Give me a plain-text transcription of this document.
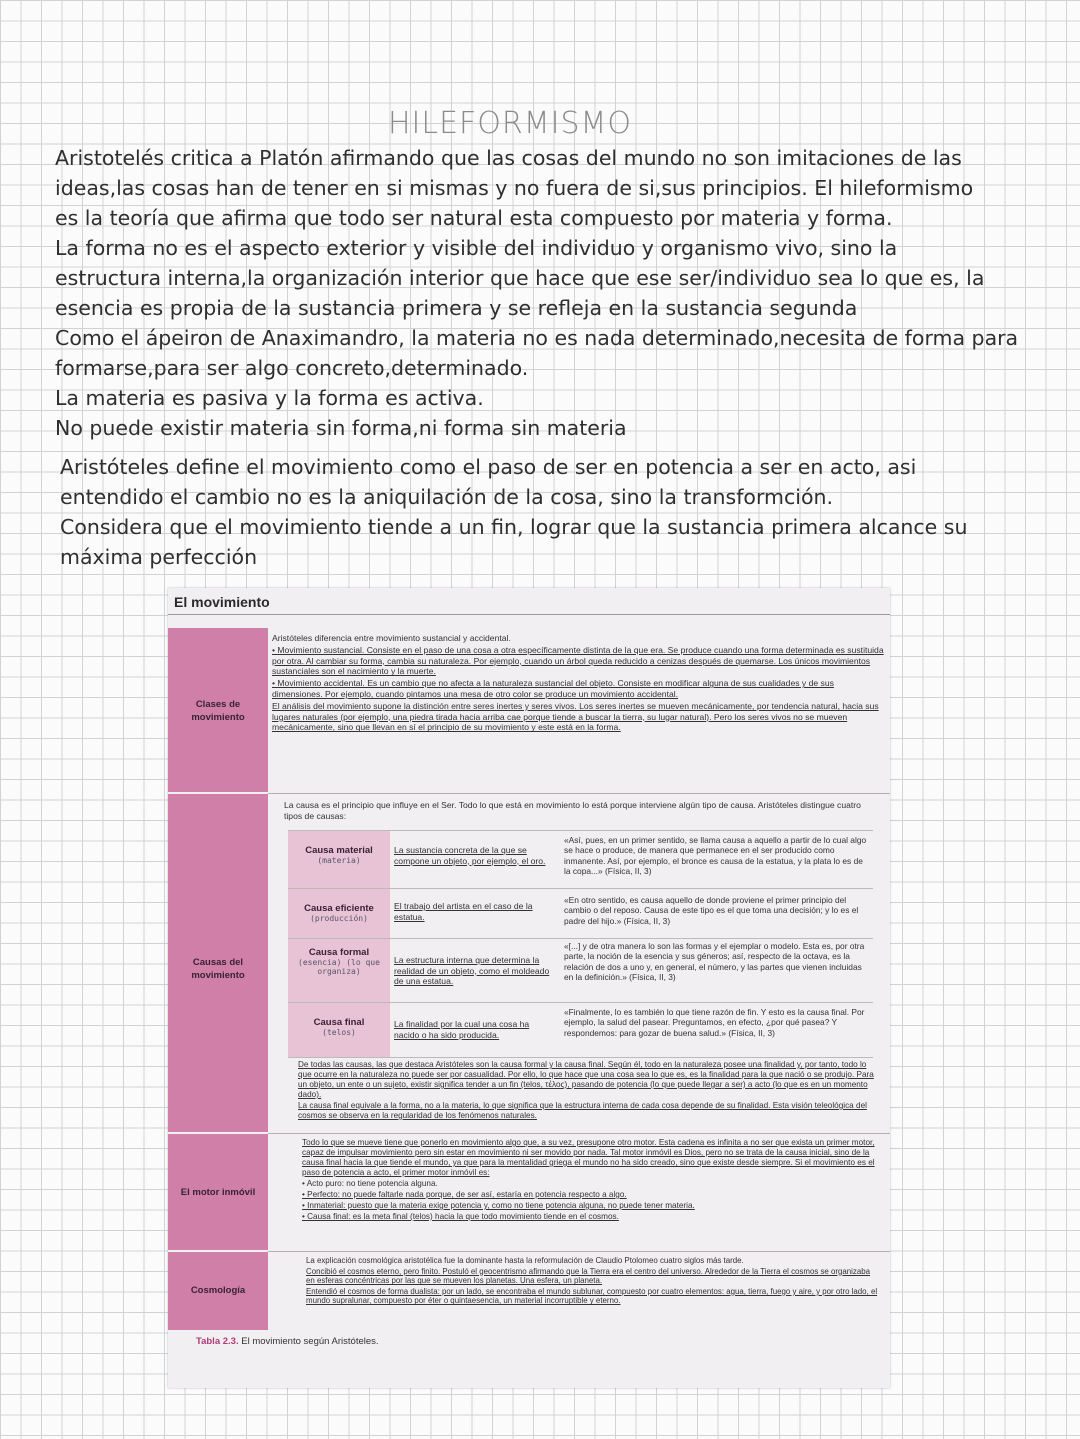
HILEFORMISMO

Aristotelés critica a Platón afirmando que las cosas del mundo no son imitaciones de las

ideas,las cosas han de tener en si mismas y no fuera de si,sus principios. El hileformismo

es la teoría que afirma que todo ser natural esta compuesto por materia y forma.

La forma no es el aspecto exterior y visible del individuo y organismo vivo, sino la

estructura interna,la organización interior que hace que ese ser/individuo sea lo que es, la

esencia es propia de la sustancia primera y se refleja en la sustancia segunda

Como el ápeiron de Anaximandro, la materia no es nada determinado,necesita de forma para

formarse,para ser algo concreto,determinado.

La materia es pasiva y la forma es activa.

No puede existir materia sin forma,ni forma sin materia

Aristóteles define el movimiento como el paso de ser en potencia a ser en acto, asi

entendido el cambio no es la aniquilación de la cosa, sino la transformción.

Considera que el movimiento tiende a un fin, lograr que la sustancia primera alcance su

máxima perfección

El movimiento
Clases de movimiento
Causas del movimiento
El motor inmóvil
Cosmología

Aristóteles diferencia entre movimiento sustancial y accidental.

• Movimiento sustancial. Consiste en el paso de una cosa a otra específicamente distinta de la que era. Se produce cuando una forma determinada es sustituida por otra. Al cambiar su forma, cambia su naturaleza. Por ejemplo, cuando un árbol queda reducido a cenizas después de quemarse. Los únicos movimientos sustanciales son el nacimiento y la muerte.

• Movimiento accidental. Es un cambio que no afecta a la naturaleza sustancial del objeto. Consiste en modificar alguna de sus cualidades y de sus dimensiones. Por ejemplo, cuando pintamos una mesa de otro color se produce un movimiento accidental.

El análisis del movimiento supone la distinción entre seres inertes y seres vivos. Los seres inertes se mueven mecánicamente, por tendencia natural, hacia sus lugares naturales (por ejemplo, una piedra tirada hacia arriba cae porque tiende a buscar la tierra, su lugar natural). Pero los seres vivos no se mueven mecánicamente, sino que llevan en sí el principio de su movimiento y este está en la forma.

La causa es el principio que influye en el Ser. Todo lo que está en movimiento lo está porque interviene algún tipo de causa. Aristóteles distingue cuatro tipos de causas:
Causa material
(materia)
La sustancia concreta de la que se compone un objeto, por ejemplo, el oro.
«Así, pues, en un primer sentido, se llama causa a aquello a partir de lo cual algo se hace o produce, de manera que permanece en el ser producido como inmanente. Así, por ejemplo, el bronce es causa de la estatua, y la plata lo es de la copa...» (Física, II, 3)
Causa eficiente
(producción)
El trabajo del artista en el caso de la estatua.
«En otro sentido, es causa aquello de donde proviene el primer principio del cambio o del reposo. Causa de este tipo es el que toma una decisión; y lo es el padre del hijo.» (Física, II, 3)
Causa formal
(esencia) (lo que organiza)
La estructura interna que determina la realidad de un objeto, como el moldeado de una estatua.
«[...] y de otra manera lo son las formas y el ejemplar o modelo. Esta es, por otra parte, la noción de la esencia y sus géneros; así, respecto de la octava, es la relación de dos a uno y, en general, el número, y las partes que vienen incluidas en la definición.» (Física, II, 3)
Causa final
(telos)
La finalidad por la cual una cosa ha nacido o ha sido producida.
«Finalmente, lo es también lo que tiene razón de fin. Y esto es la causa final. Por ejemplo, la salud del pasear. Preguntamos, en efecto, ¿por qué pasea? Y respondemos: para gozar de buena salud.» (Física, II, 3)

De todas las causas, las que destaca Aristóteles son la causa formal y la causa final. Según él, todo en la naturaleza posee una finalidad y, por tanto, todo lo que ocurre en la naturaleza no puede ser por casualidad. Por ello, lo que hace que una cosa sea lo que es, es la finalidad para la que nació o se produjo. Para un objeto, un ente o un sujeto, existir significa tender a un fin (telos, τέλος), pasando de potencia (lo que puede llegar a ser) a acto (lo que es en un momento dado).

La causa final equivale a la forma, no a la materia, lo que significa que la estructura interna de cada cosa depende de su finalidad. Esta visión teleológica del cosmos se observa en la regularidad de los fenómenos naturales.

Todo lo que se mueve tiene que ponerlo en movimiento algo que, a su vez, presupone otro motor. Esta cadena es infinita a no ser que exista un primer motor, capaz de impulsar movimiento pero sin estar en movimiento ni ser movido por nada. Tal motor inmóvil es Dios, pero no se trata de la causa inicial, sino de la causa final hacia la que tiende el mundo, ya que para la mentalidad griega el mundo no ha sido creado, sino que existe desde siempre. Si el movimiento es el paso de potencia a acto, el primer motor inmóvil es:

• Acto puro: no tiene potencia alguna.

• Perfecto: no puede faltarle nada porque, de ser así, estaría en potencia respecto a algo.

• Inmaterial: puesto que la materia exige potencia y, como no tiene potencia alguna, no puede tener materia.

• Causa final: es la meta final (telos) hacia la que todo movimiento tiende en el cosmos.

La explicación cosmológica aristotélica fue la dominante hasta la reformulación de Claudio Ptolomeo cuatro siglos más tarde.

Concibió el cosmos eterno, pero finito. Postuló el geocentrismo afirmando que la Tierra era el centro del universo. Alrededor de la Tierra el cosmos se organizaba en esferas concéntricas por las que se mueven los planetas. Una esfera, un planeta.

Entendió el cosmos de forma dualista: por un lado, se encontraba el mundo sublunar, compuesto por cuatro elementos: agua, tierra, fuego y aire, y por otro lado, el mundo supralunar, compuesto por éter o quintaesencia, un material incorruptible y eterno.

Tabla 2.3. El movimiento según Aristóteles.
